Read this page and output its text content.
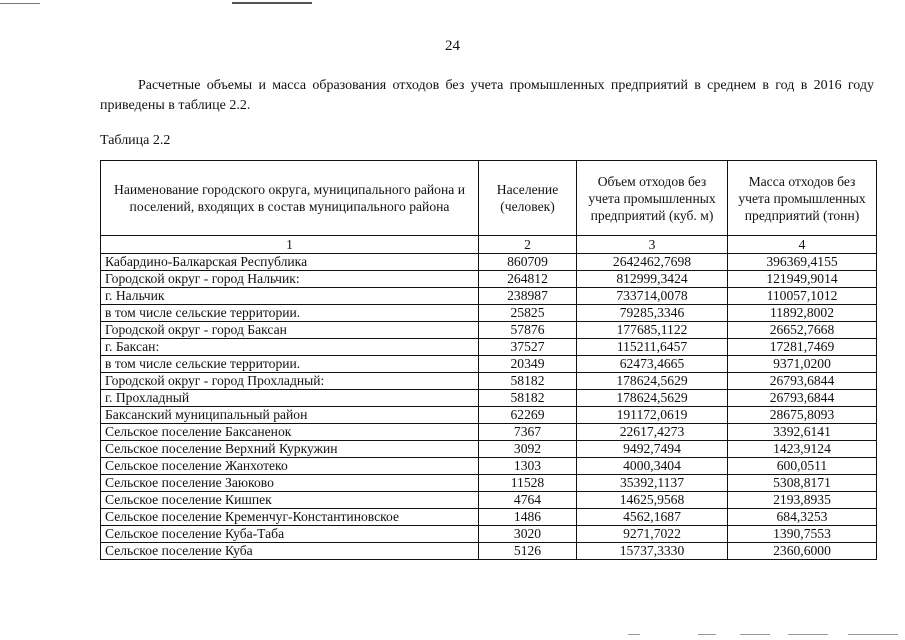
24

Расчетные объемы и масса образования отходов без учета промышленных предприятий в среднем в год в 2016 году приведены в таблице 2.2.

Таблица 2.2
Наименование городского округа, муниципального района и поселений, входящих в состав муниципального района	Население (человек)	Объем отходов без учета промышленных предприятий (куб. м)	Масса отходов без учета промышленных предприятий (тонн)
1	2	3	4
Кабардино-Балкарская Республика	860709	2642462,7698	396369,4155
Городской округ - город Нальчик:	264812	812999,3424	121949,9014
г. Нальчик	238987	733714,0078	110057,1012
в том числе сельские территории.	25825	79285,3346	11892,8002
Городской округ - город Баксан	57876	177685,1122	26652,7668
г. Баксан:	37527	115211,6457	17281,7469
в том числе сельские территории.	20349	62473,4665	9371,0200
Городской округ - город Прохладный:	58182	178624,5629	26793,6844
г. Прохладный	58182	178624,5629	26793,6844
Баксанский муниципальный район	62269	191172,0619	28675,8093
Сельское поселение Баксаненок	7367	22617,4273	3392,6141
Сельское поселение Верхний Куркужин	3092	9492,7494	1423,9124
Сельское поселение Жанхотеко	1303	4000,3404	600,0511
Сельское поселение Заюково	11528	35392,1137	5308,8171
Сельское поселение Кишпек	4764	14625,9568	2193,8935
Сельское поселение Кременчуг-Константиновское	1486	4562,1687	684,3253
Сельское поселение Куба-Таба	3020	9271,7022	1390,7553
Сельское поселение Куба	5126	15737,3330	2360,6000
